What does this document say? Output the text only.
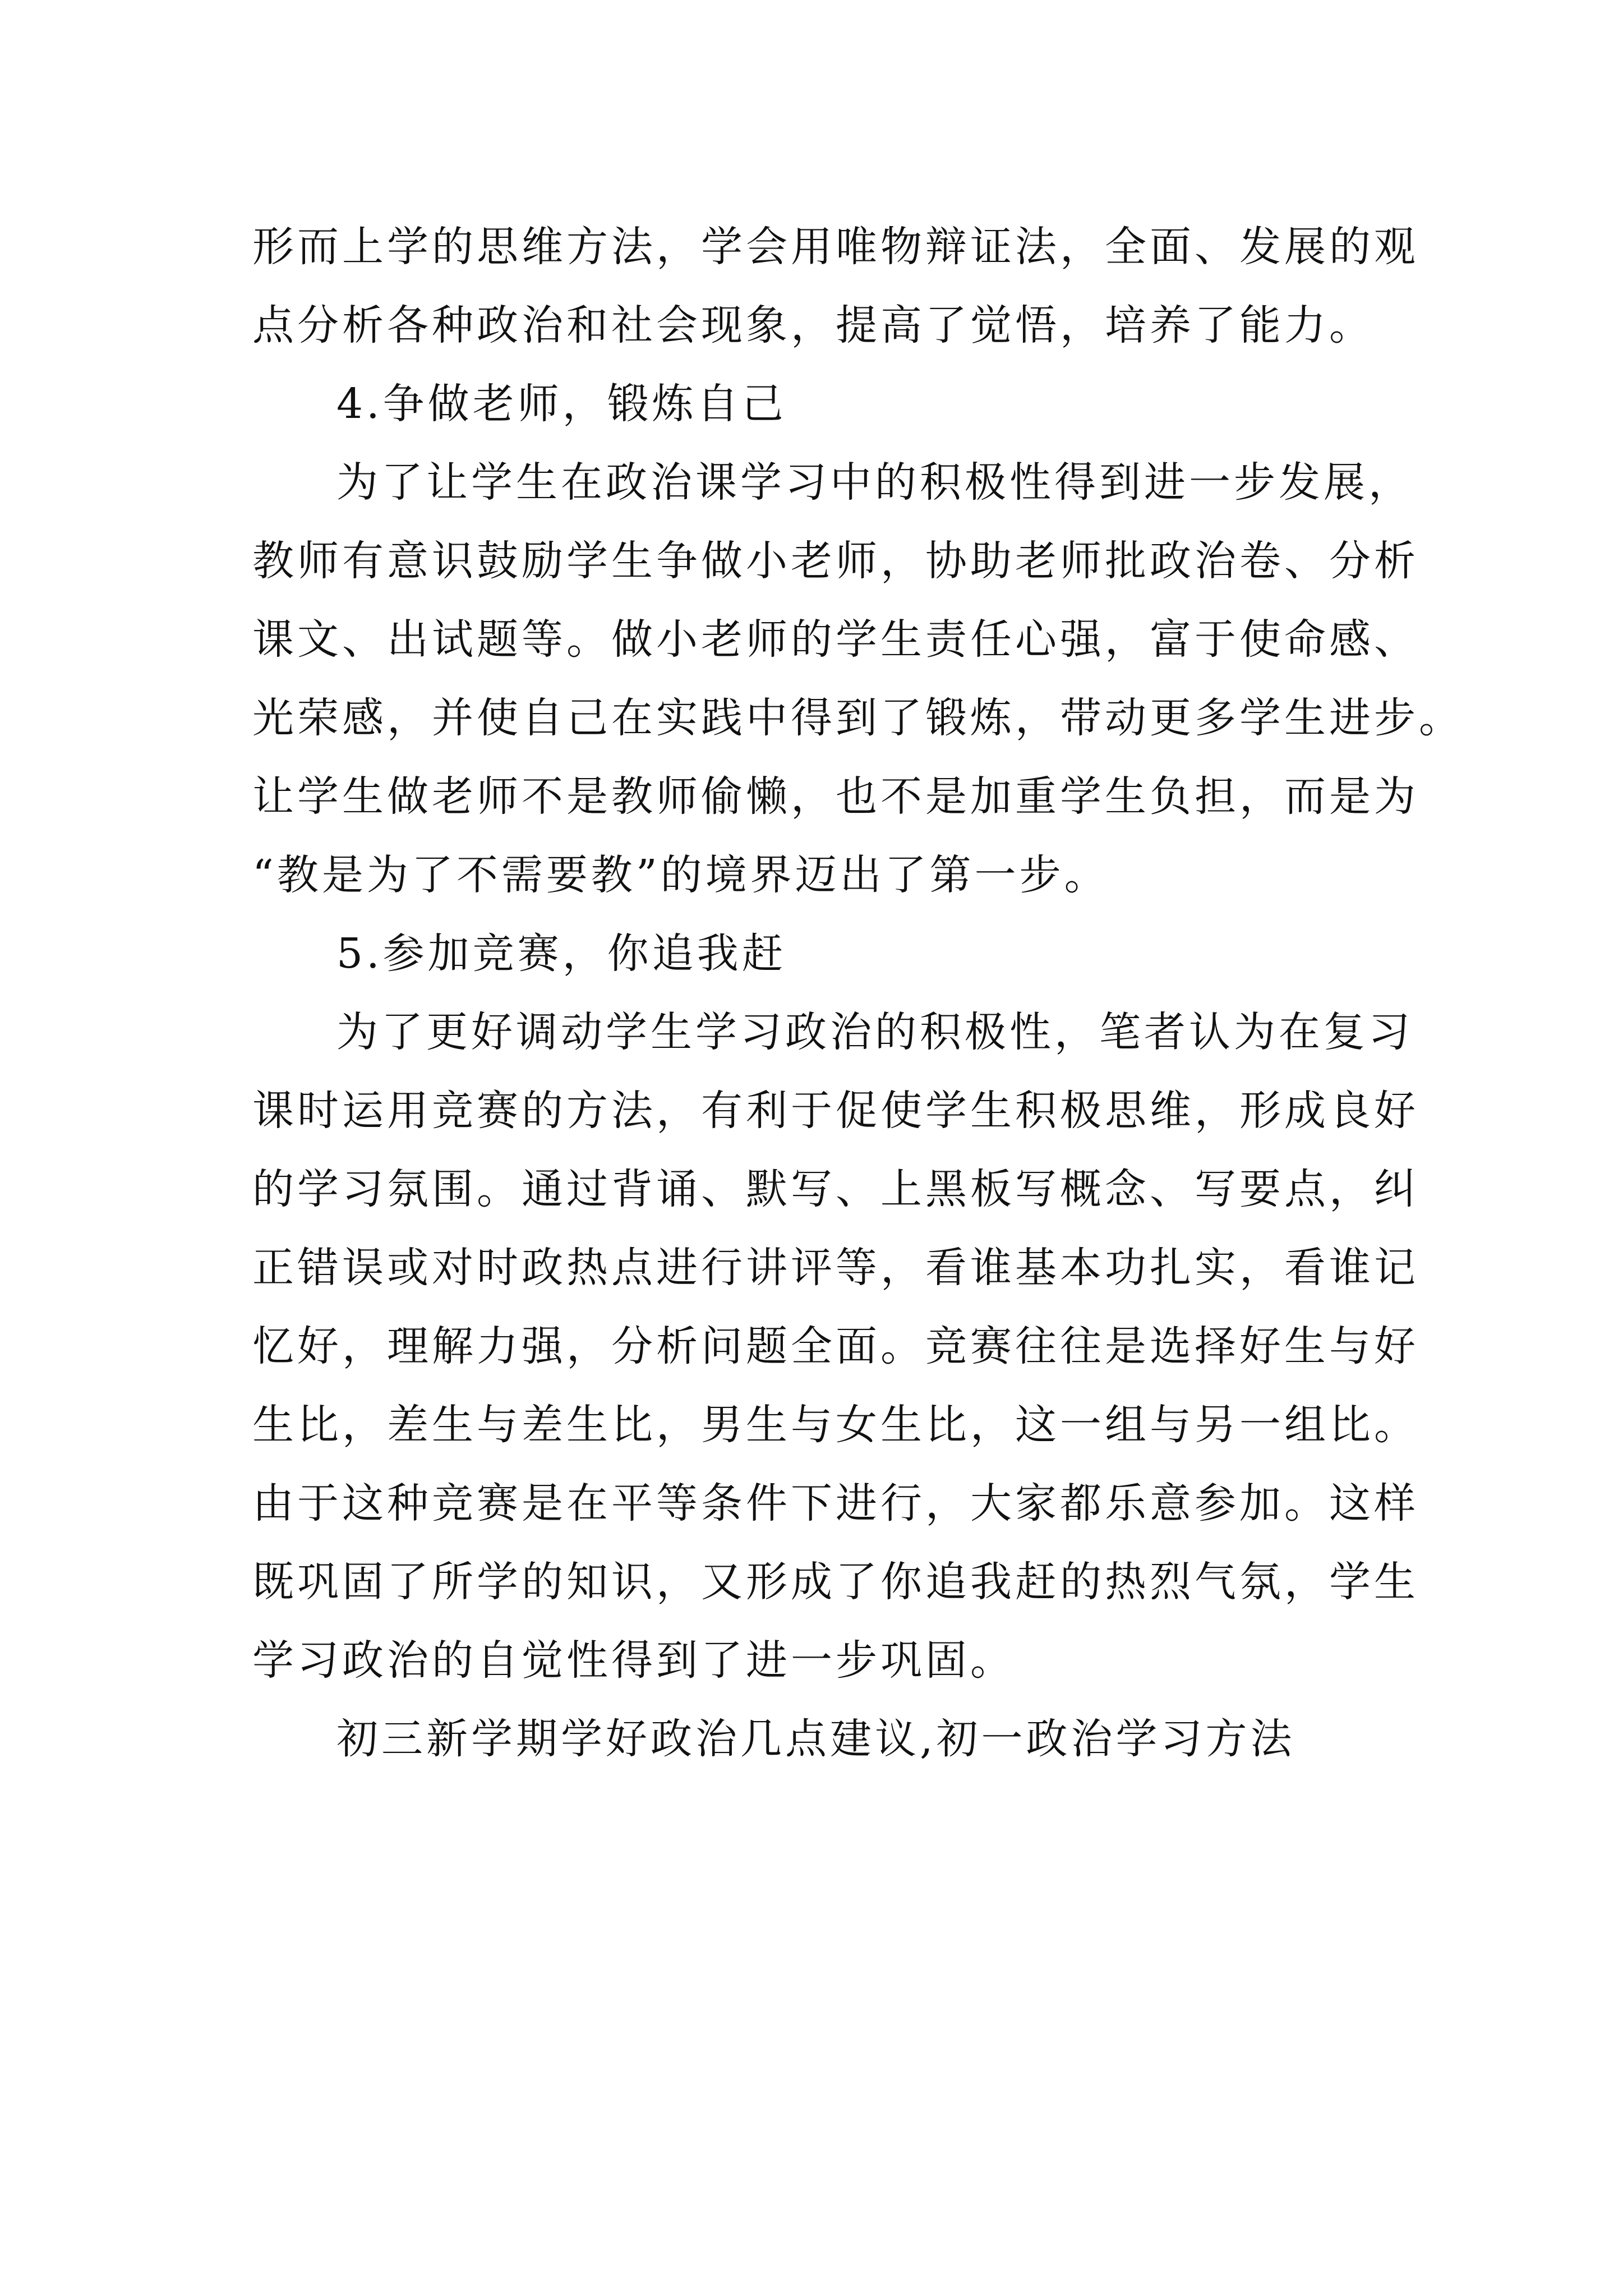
形而上学的思维方法，学会用唯物辩证法，全面、发展的观
点分析各种政治和社会现象，提高了觉悟，培养了能力。
4.争做老师，锻炼自己
为了让学生在政治课学习中的积极性得到进一步发展，
教师有意识鼓励学生争做小老师，协助老师批政治卷、分析
课文、出试题等。做小老师的学生责任心强，富于使命感、
光荣感，并使自己在实践中得到了锻炼，带动更多学生进步。
让学生做老师不是教师偷懒，也不是加重学生负担，而是为
“教是为了不需要教”的境界迈出了第一步。
5.参加竞赛，你追我赶
为了更好调动学生学习政治的积极性，笔者认为在复习
课时运用竞赛的方法，有利于促使学生积极思维，形成良好
的学习氛围。通过背诵、默写、上黑板写概念、写要点，纠
正错误或对时政热点进行讲评等，看谁基本功扎实，看谁记
忆好，理解力强，分析问题全面。竞赛往往是选择好生与好
生比，差生与差生比，男生与女生比，这一组与另一组比。
由于这种竞赛是在平等条件下进行，大家都乐意参加。这样
既巩固了所学的知识，又形成了你追我赶的热烈气氛，学生
学习政治的自觉性得到了进一步巩固。
初三新学期学好政治几点建议,初一政治学习方法
